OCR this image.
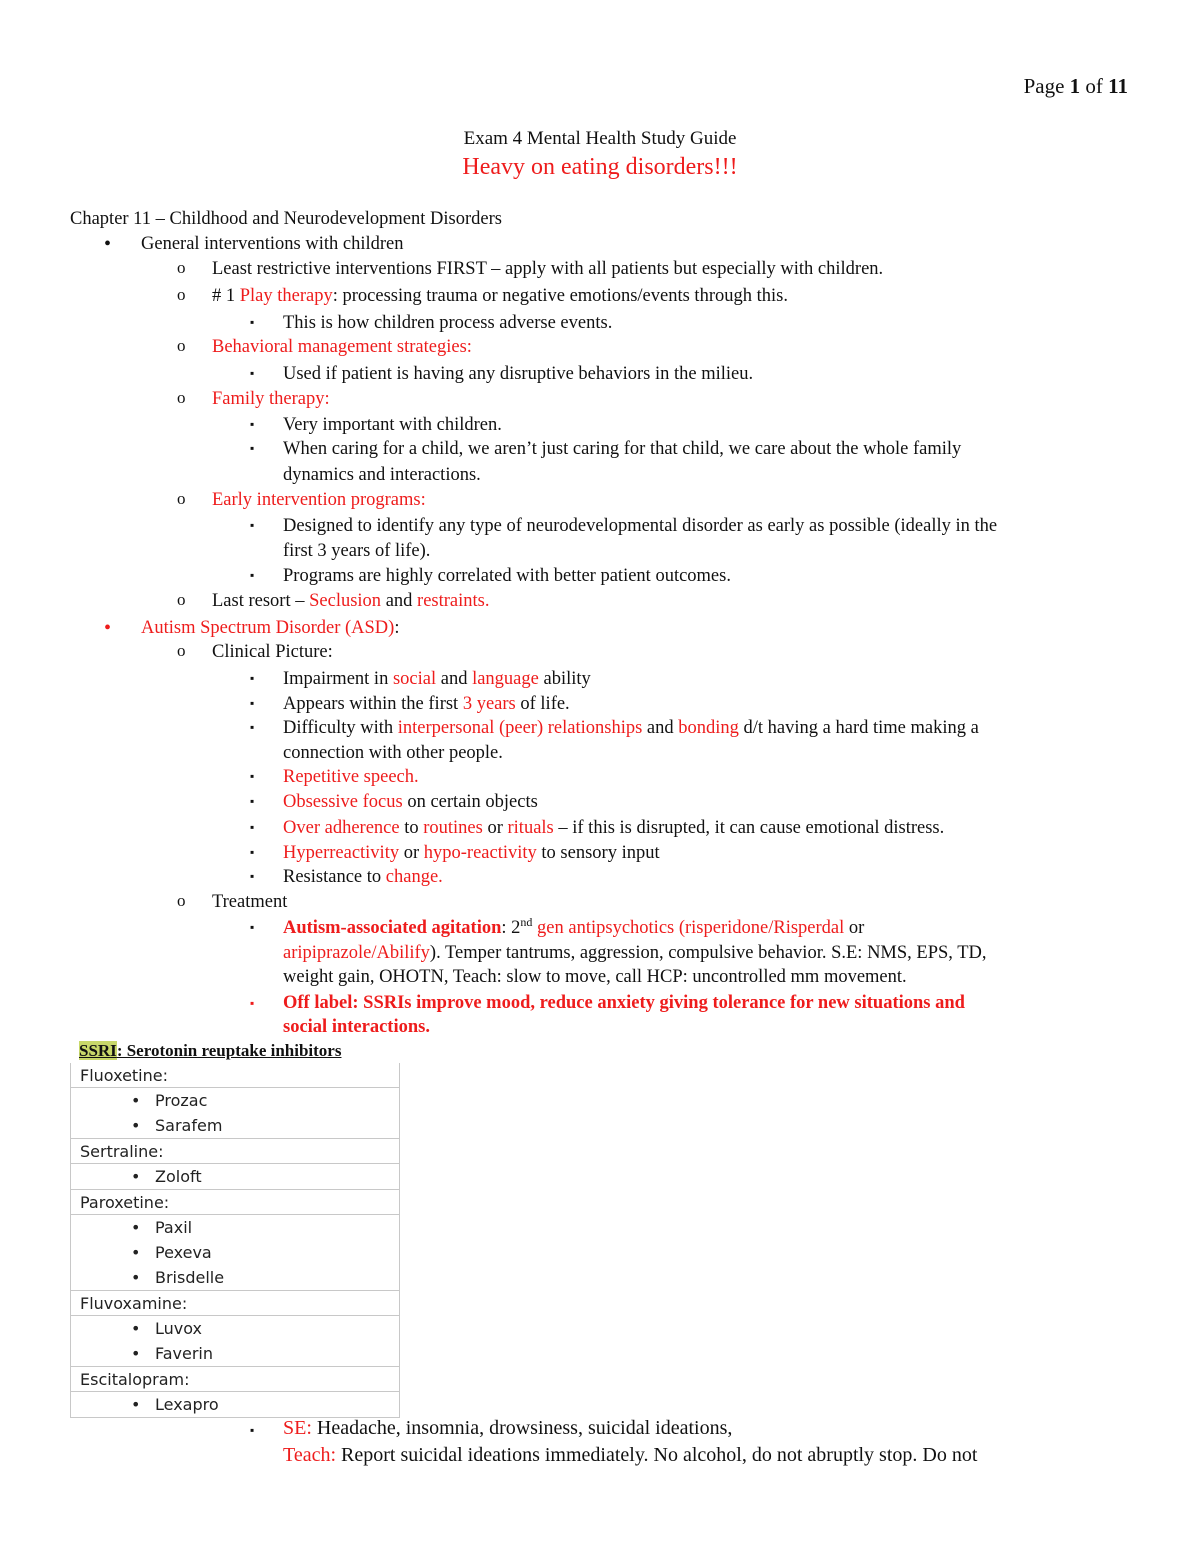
Page 1 of 11
Exam 4 Mental Health Study Guide
Heavy on eating disorders!!!
Chapter 11 – Childhood and Neurodevelopment Disorders
• General interventions with children
o Least restrictive interventions FIRST – apply with all patients but especially with children.
o # 1 Play therapy: processing trauma or negative emotions/events through this.
▪ This is how children process adverse events.
o Behavioral management strategies:
▪ Used if patient is having any disruptive behaviors in the milieu.
o Family therapy:
▪ Very important with children.
▪ When caring for a child, we aren’t just caring for that child, we care about the whole family
dynamics and interactions.
o Early intervention programs:
▪ Designed to identify any type of neurodevelopmental disorder as early as possible (ideally in the
first 3 years of life).
▪ Programs are highly correlated with better patient outcomes.
o Last resort – Seclusion and restraints.
• Autism Spectrum Disorder (ASD):
o Clinical Picture:
▪ Impairment in social and language ability
▪ Appears within the first 3 years of life.
▪ Difficulty with interpersonal (peer) relationships and bonding d/t having a hard time making a
connection with other people.
▪ Repetitive speech.
▪ Obsessive focus on certain objects
▪ Over adherence to routines or rituals – if this is disrupted, it can cause emotional distress.
▪ Hyperreactivity or hypo-reactivity to sensory input
▪ Resistance to change.
o Treatment
▪ Autism-associated agitation: 2nd gen antipsychotics (risperidone/Risperdal or
aripiprazole/Abilify). Temper tantrums, aggression, compulsive behavior. S.E: NMS, EPS, TD,
weight gain, OHOTN, Teach: slow to move, call HCP: uncontrolled mm movement.
▪ Off label: SSRIs improve mood, reduce anxiety giving tolerance for new situations and
social interactions.
SSRI: Serotonin reuptake inhibitors
Fluoxetine:

• Prozac
• Sarafem

Sertraline:

• Zoloft

Paroxetine:

• Paxil
• Pexeva
• Brisdelle

Fluvoxamine:

• Luvox
• Faverin

Escitalopram:

• Lexapro
▪ SE: Headache, insomnia, drowsiness, suicidal ideations,
Teach: Report suicidal ideations immediately. No alcohol, do not abruptly stop. Do not
